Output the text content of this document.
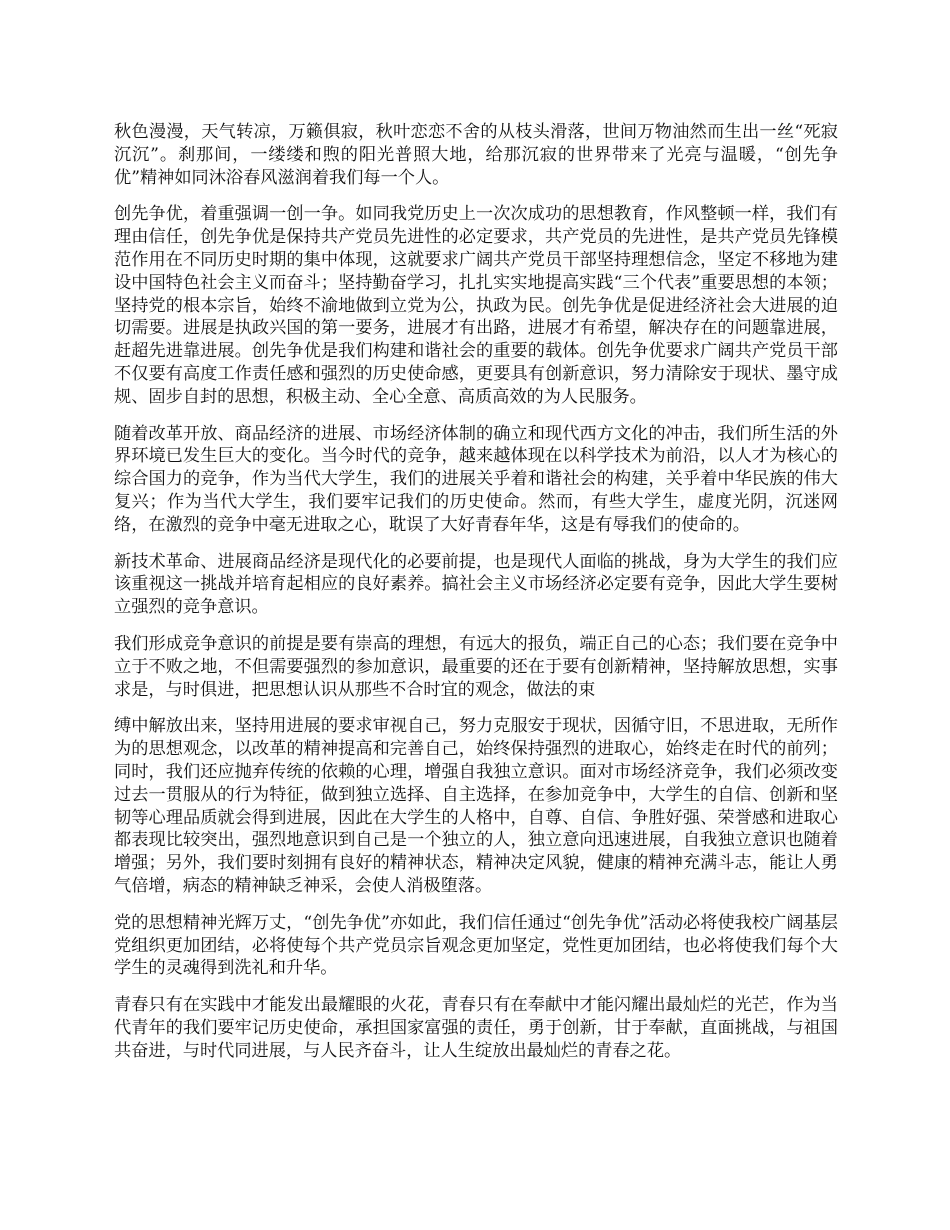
秋色漫漫，天气转凉，万籁俱寂，秋叶恋恋不舍的从枝头滑落，世间万物油然而生出一丝“死寂沉沉”。刹那间，一缕缕和煦的阳光普照大地，给那沉寂的世界带来了光亮与温暖，“创先争优”精神如同沐浴春风滋润着我们每一个人。

创先争优，着重强调一创一争。如同我党历史上一次次成功的思想教育，作风整顿一样，我们有理由信任，创先争优是保持共产党员先进性的必定要求，共产党员的先进性，是共产党员先锋模范作用在不同历史时期的集中体现，这就要求广阔共产党员干部坚持理想信念，坚定不移地为建设中国特色社会主义而奋斗；坚持勤奋学习，扎扎实实地提高实践“三个代表”重要思想的本领；坚持党的根本宗旨，始终不渝地做到立党为公，执政为民。创先争优是促进经济社会大进展的迫切需要。进展是执政兴国的第一要务，进展才有出路，进展才有希望，解决存在的问题靠进展，赶超先进靠进展。创先争优是我们构建和谐社会的重要的载体。创先争优要求广阔共产党员干部不仅要有高度工作责任感和强烈的历史使命感，更要具有创新意识，努力清除安于现状、墨守成规、固步自封的思想，积极主动、全心全意、高质高效的为人民服务。

随着改革开放、商品经济的进展、市场经济体制的确立和现代西方文化的冲击，我们所生活的外界环境已发生巨大的变化。当今时代的竞争，越来越体现在以科学技术为前沿，以人才为核心的综合国力的竞争，作为当代大学生，我们的进展关乎着和谐社会的构建，关乎着中华民族的伟大复兴；作为当代大学生，我们要牢记我们的历史使命。然而，有些大学生，虚度光阴，沉迷网络，在激烈的竞争中毫无进取之心，耽误了大好青春年华，这是有辱我们的使命的。

新技术革命、进展商品经济是现代化的必要前提，也是现代人面临的挑战，身为大学生的我们应该重视这一挑战并培育起相应的良好素养。搞社会主义市场经济必定要有竞争，因此大学生要树立强烈的竞争意识。

我们形成竞争意识的前提是要有崇高的理想，有远大的报负，端正自己的心态；我们要在竞争中立于不败之地，不但需要强烈的参加意识，最重要的还在于要有创新精神，坚持解放思想，实事求是，与时俱进，把思想认识从那些不合时宜的观念，做法的束

缚中解放出来，坚持用进展的要求审视自己，努力克服安于现状，因循守旧，不思进取，无所作为的思想观念，以改革的精神提高和完善自己，始终保持强烈的进取心，始终走在时代的前列；同时，我们还应抛弃传统的依赖的心理，增强自我独立意识。面对市场经济竞争，我们必须改变过去一贯服从的行为特征，做到独立选择、自主选择，在参加竞争中，大学生的自信、创新和坚韧等心理品质就会得到进展，因此在大学生的人格中，自尊、自信、争胜好强、荣誉感和进取心都表现比较突出，强烈地意识到自己是一个独立的人，独立意向迅速进展，自我独立意识也随着增强；另外，我们要时刻拥有良好的精神状态，精神决定风貌，健康的精神充满斗志，能让人勇气倍增，病态的精神缺乏神采，会使人消极堕落。

党的思想精神光辉万丈，“创先争优”亦如此，我们信任通过“创先争优”活动必将使我校广阔基层党组织更加团结，必将使每个共产党员宗旨观念更加坚定，党性更加团结，也必将使我们每个大学生的灵魂得到洗礼和升华。

青春只有在实践中才能发出最耀眼的火花，青春只有在奉献中才能闪耀出最灿烂的光芒，作为当代青年的我们要牢记历史使命，承担国家富强的责任，勇于创新，甘于奉献，直面挑战，与祖国共奋进，与时代同进展，与人民齐奋斗，让人生绽放出最灿烂的青春之花。
